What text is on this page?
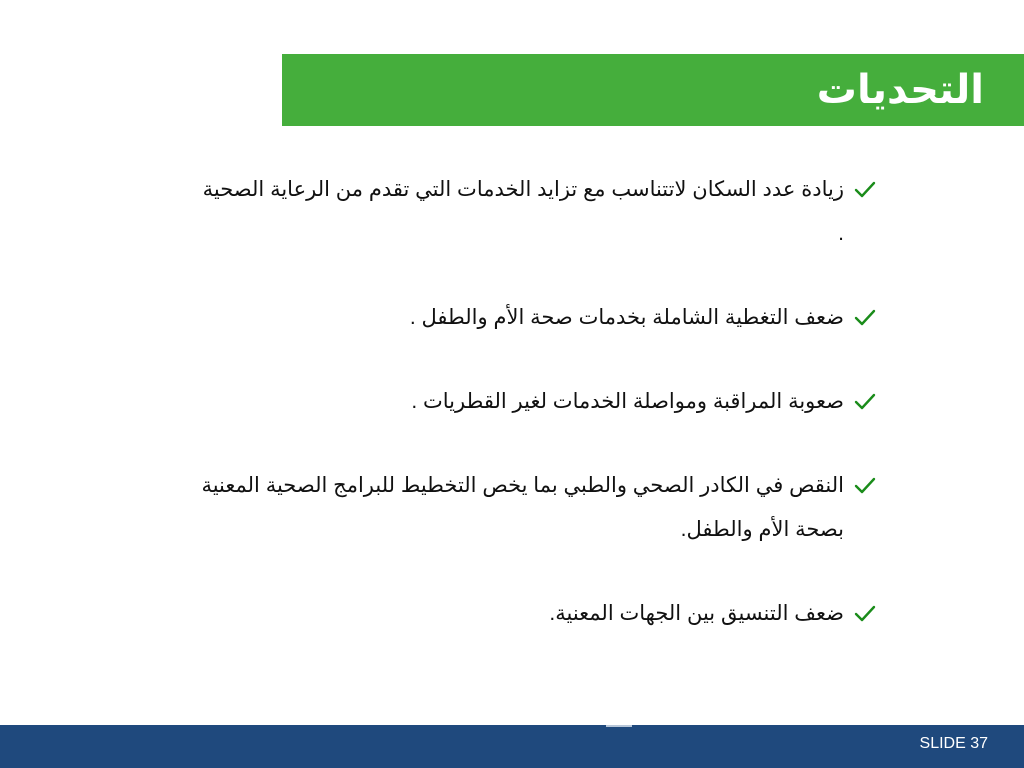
التحديات
زيادة عدد السكان لاتتناسب مع تزايد الخدمات التي تقدم من الرعاية الصحية .
ضعف التغطية الشاملة بخدمات صحة الأم والطفل .
صعوبة المراقبة ومواصلة الخدمات لغير القطريات .
النقص في الكادر الصحي والطبي بما يخص التخطيط للبرامج الصحية المعنية بصحة الأم والطفل.
ضعف التنسيق بين الجهات المعنية.
SLIDE 37
